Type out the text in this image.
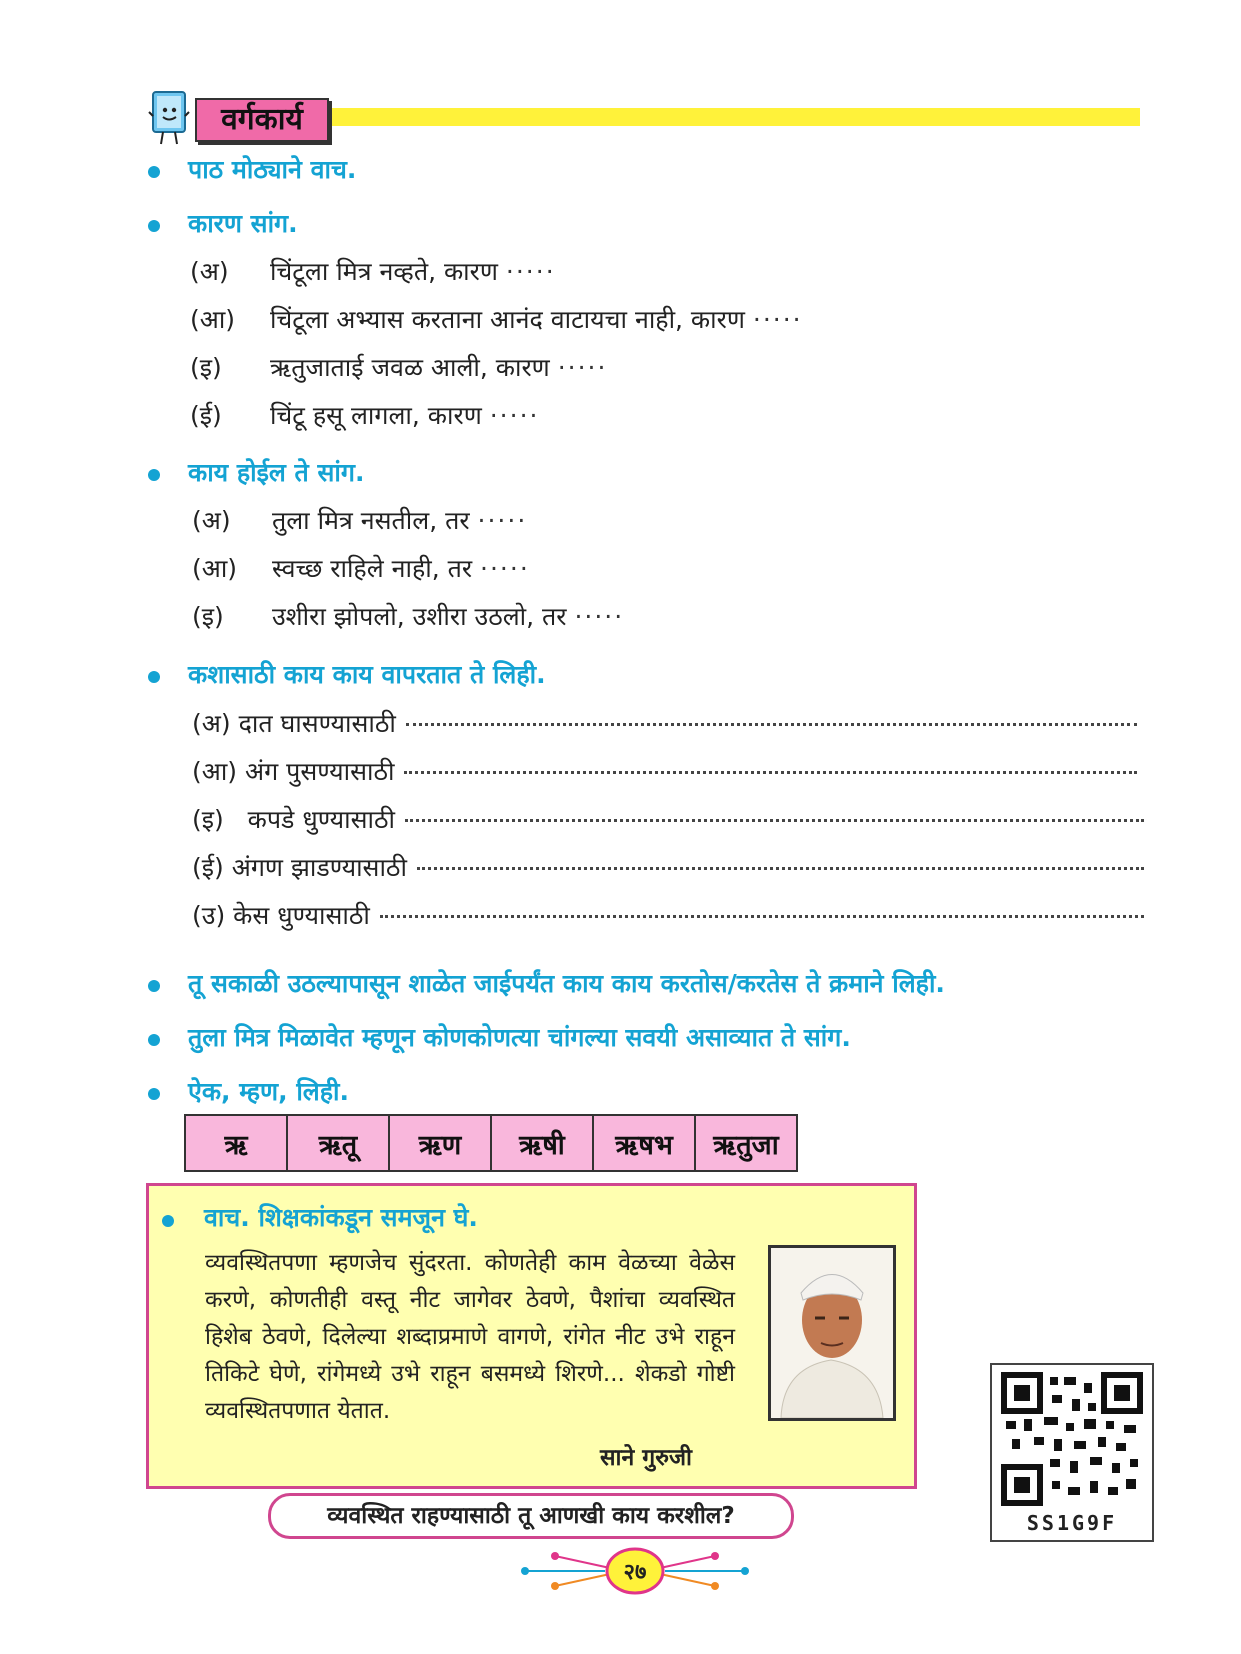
वर्गकार्य
पाठ मोठ्याने वाच.
कारण सांग.
(अ) चिंटूला मित्र नव्हते, कारण ·····
(आ) चिंटूला अभ्यास करताना आनंद वाटायचा नाही, कारण ·····
(इ) ऋतुजाताई जवळ आली, कारण ·····
(ई) चिंटू हसू लागला, कारण ·····
काय होईल ते सांग.
(अ) तुला मित्र नसतील, तर ·····
(आ) स्वच्छ राहिले नाही, तर ·····
(इ) उशीरा झोपलो, उशीरा उठलो, तर ·····
कशासाठी काय काय वापरतात ते लिही.
(अ)
दात घासण्यासाठी
(आ)
अंग पुसण्यासाठी
(इ)
कपडे धुण्यासाठी
(ई)
अंगण झाडण्यासाठी
(उ)
केस धुण्यासाठी
तू सकाळी उठल्यापासून शाळेत जाईपर्यंत काय काय करतोस/करतेस ते क्रमाने लिही.
तुला मित्र मिळावेत म्हणून कोणकोणत्या चांगल्या सवयी असाव्यात ते सांग.
ऐक, म्हण, लिही.
ऋ	ऋतू	ऋण	ऋषी	ऋषभ	ऋतुजा
वाच. शिक्षकांकडून समजून घे.
व्यवस्थितपणा म्हणजेच सुंदरता. कोणतेही काम वेळच्या वेळेस करणे, कोणतीही वस्तू नीट जागेवर ठेवणे, पैशांचा व्यवस्थित हिशेब ठेवणे, दिलेल्या शब्दाप्रमाणे वागणे, रांगेत नीट उभे राहून तिकिटे घेणे, रांगेमध्ये उभे राहून बसमध्ये शिरणे... शेकडो गोष्टी व्यवस्थितपणात येतात.
साने गुरुजी
व्यवस्थित राहण्यासाठी तू आणखी काय करशील?	SS1G9F
२७
